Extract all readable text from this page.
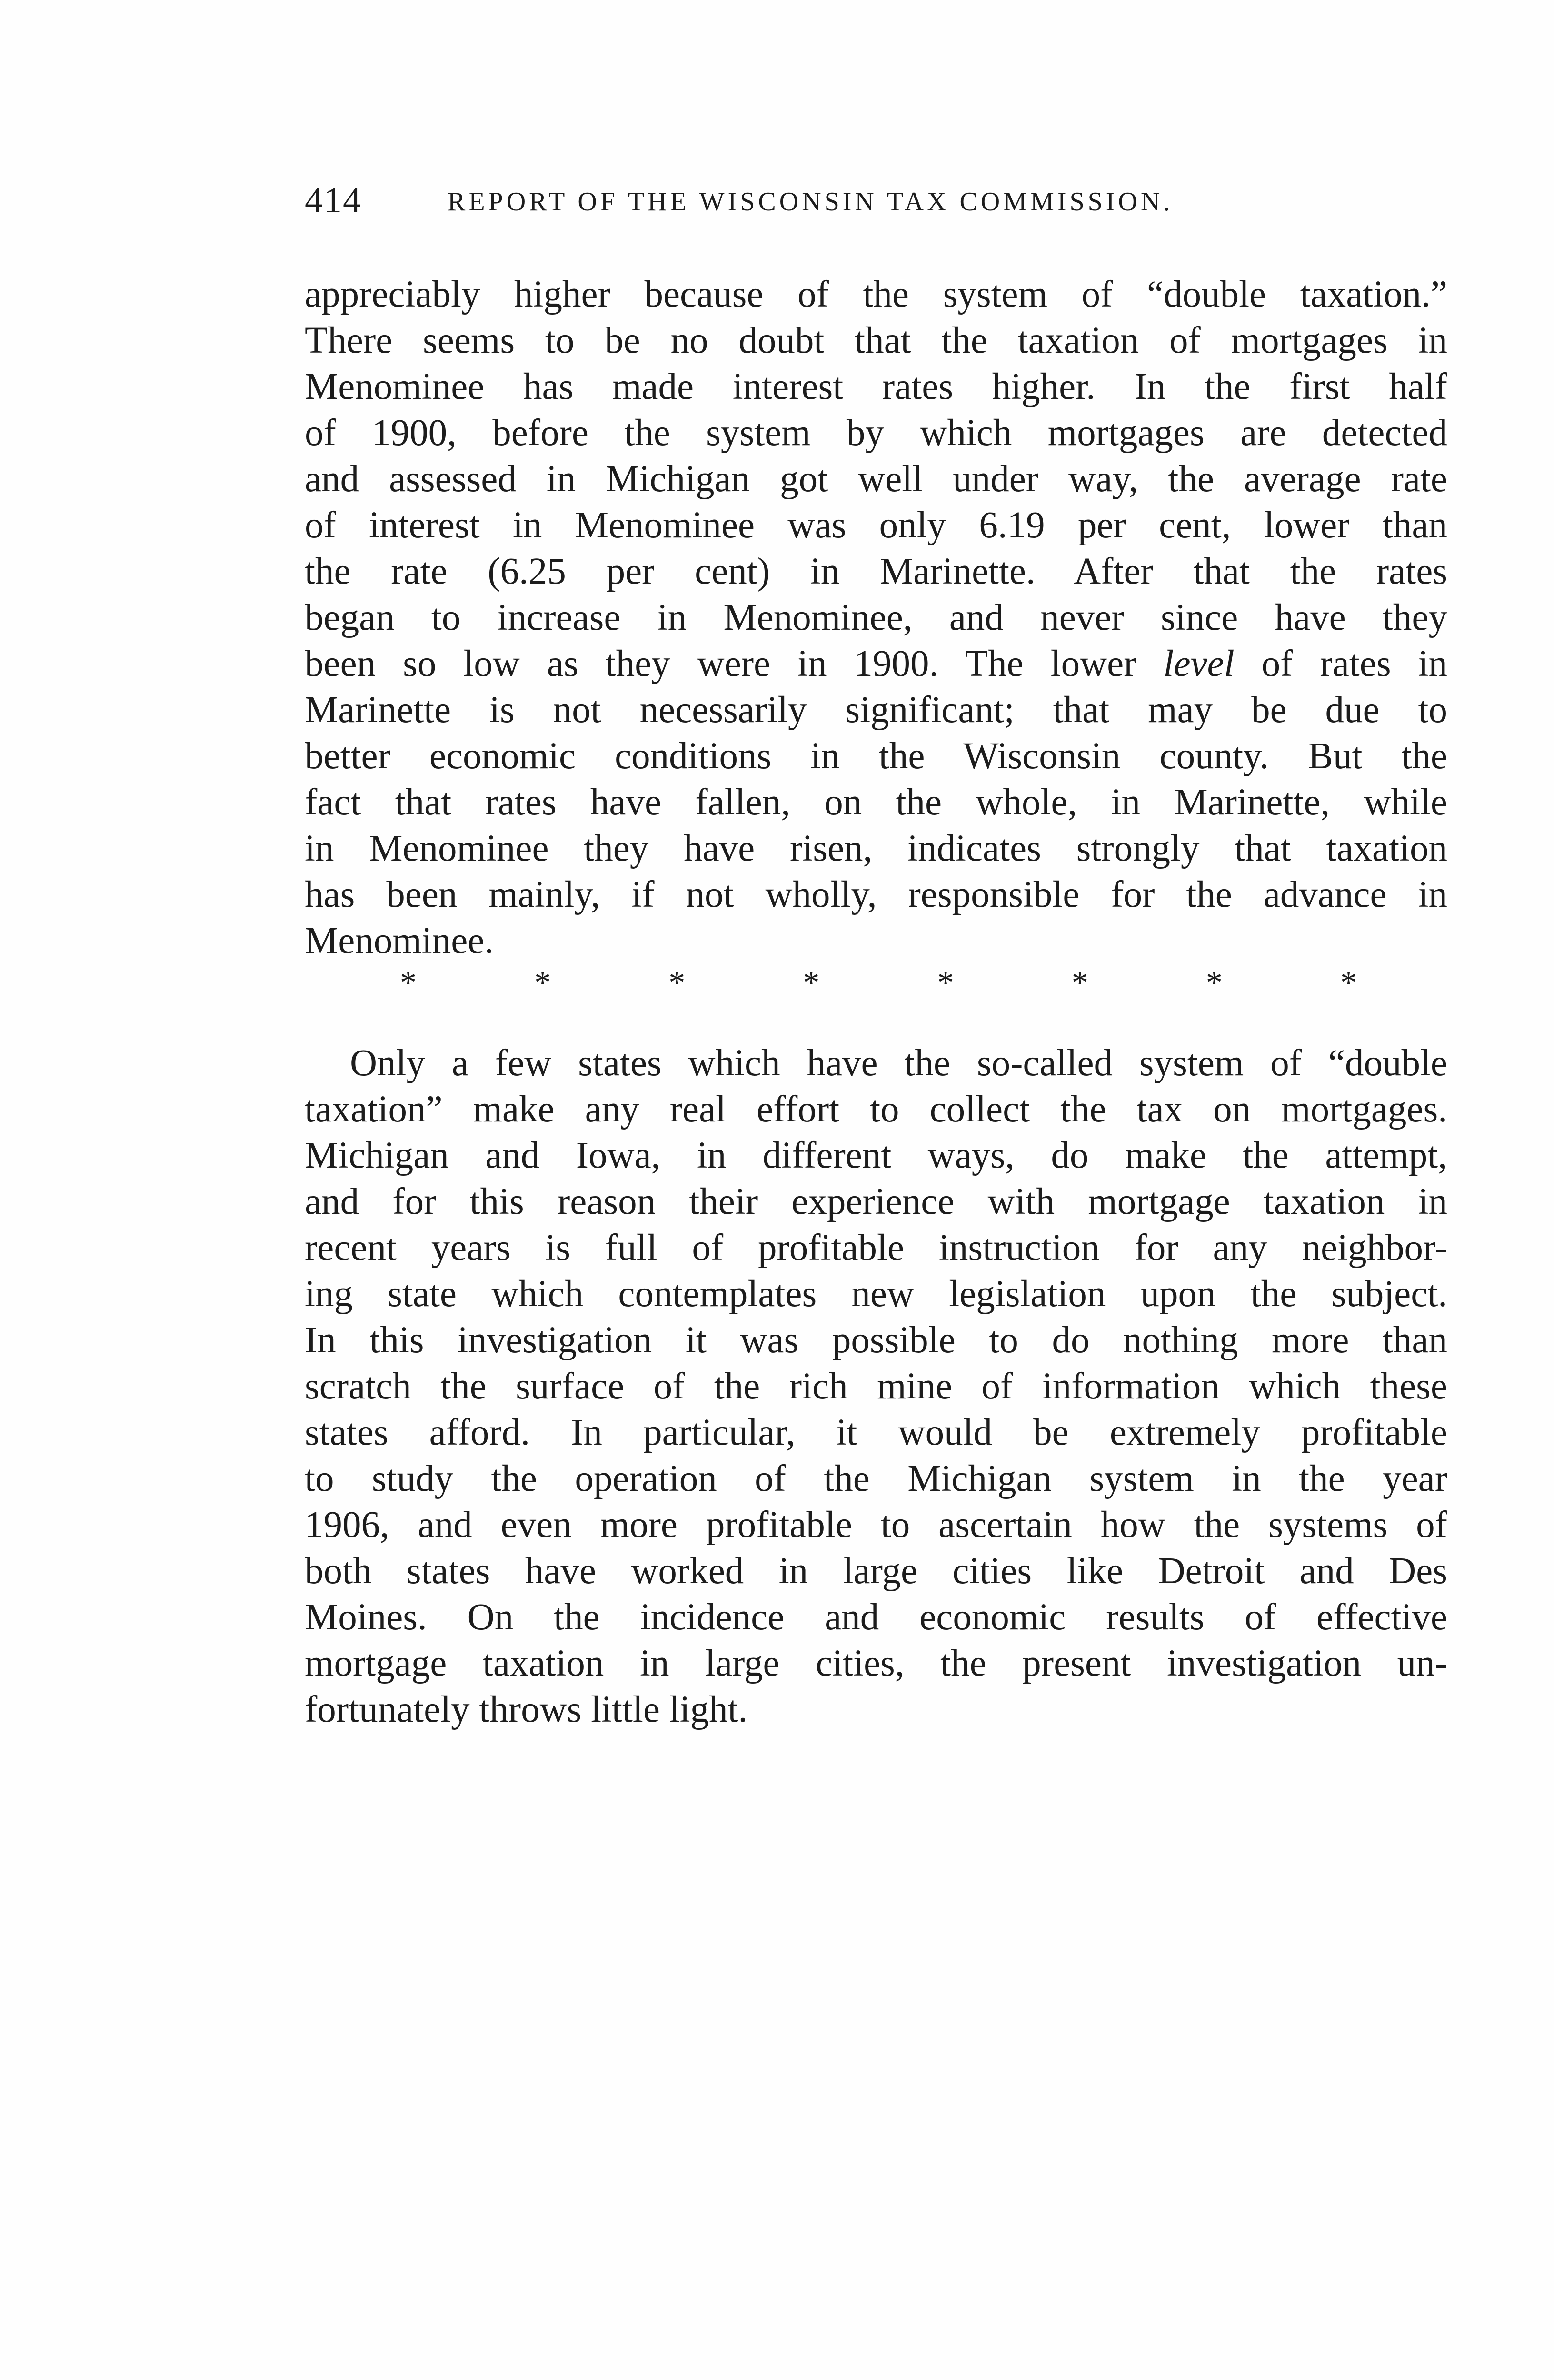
414	REPORT OF THE WISCONSIN TAX COMMISSION.
appreciably higher because of the system of “double taxation.”
There seems to be no doubt that the taxation of mortgages in
Menominee has made interest rates higher. In the first half
of 1900, before the system by which mortgages are detected
and assessed in Michigan got well under way, the average rate
of interest in Menominee was only 6.19 per cent, lower than
the rate (6.25 per cent) in Marinette. After that the rates
began to increase in Menominee, and never since have they
been so low as they were in 1900. The lower level of rates in
Marinette is not necessarily significant; that may be due to
better economic conditions in the Wisconsin county. But the
fact that rates have fallen, on the whole, in Marinette, while
in Menominee they have risen, indicates strongly that taxation
has been mainly, if not wholly, responsible for the advance in
Menominee.
*	*	*	*	*	*	*	*
Only a few states which have the so-called system of “double
taxation” make any real effort to collect the tax on mortgages.
Michigan and Iowa, in different ways, do make the attempt,
and for this reason their experience with mortgage taxation in
recent years is full of profitable instruction for any neighbor-
ing state which contemplates new legislation upon the subject.
In this investigation it was possible to do nothing more than
scratch the surface of the rich mine of information which these
states afford. In particular, it would be extremely profitable
to study the operation of the Michigan system in the year
1906, and even more profitable to ascertain how the systems of
both states have worked in large cities like Detroit and Des
Moines. On the incidence and economic results of effective
mortgage taxation in large cities, the present investigation un-
fortunately throws little light.
